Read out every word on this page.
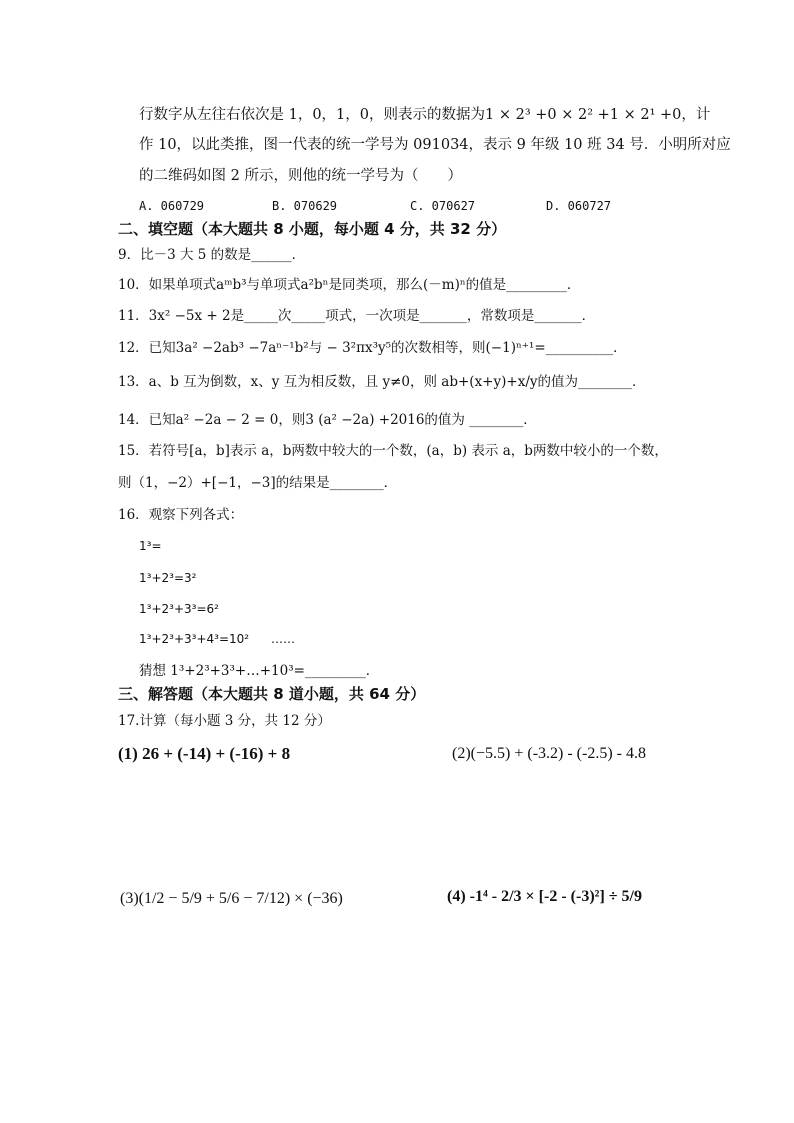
行数字从左往右依次是 1，0，1，0，则表示的数据为1 × 2³ +0 × 2² +1 × 2¹ +0，计
作 10，以此类推，图一代表的统一学号为 091034，表示 9 年级 10 班 34 号．小明所对应
的二维码如图 2 所示，则他的统一学号为（　　）
A. 060729	B. 070629	C. 070627	D. 060727
二、填空题（本大题共 8 小题，每小题 4 分，共 32 分）
9．比－3 大 5 的数是______．
10．如果单项式aᵐb³与单项式a²bⁿ是同类项，那么(－m)ⁿ的值是_________．
11．3x² −5x + 2是_____次_____项式，一次项是_______，常数项是_______．
12．已知3a² −2ab³ −7aⁿ⁻¹b²与 − 3²πx³y⁵的次数相等，则(−1)ⁿ⁺¹=__________．
13．a、b 互为倒数，x、y 互为相反数，且 y≠0，则 ab+(x+y)+x/y的值为________．
14．已知a² −2a − 2 = 0，则3 (a² −2a) +2016的值为 ________．
15．若符号[a，b]表示 a，b两数中较大的一个数，(a，b) 表示 a，b两数中较小的一个数，
则（1，−2）+[−1，−3]的结果是________．
16．观察下列各式：
1³=
1³+2³=3²
1³+2³+3³=6²
1³+2³+3³+4³=10² ……
猜想 1³+2³+3³+…+10³=_________．
三、解答题（本大题共 8 道小题，共 64 分）
17.计算（每小题 3 分，共 12 分）
(1) 26 + (-14) + (-16) + 8	(2)(−5.5) + (-3.2) - (-2.5) - 4.8
(3)(1/2 − 5/9 + 5/6 − 7/12) × (−36)	(4) -1⁴ - 2/3 × [-2 - (-3)²] ÷ 5/9
